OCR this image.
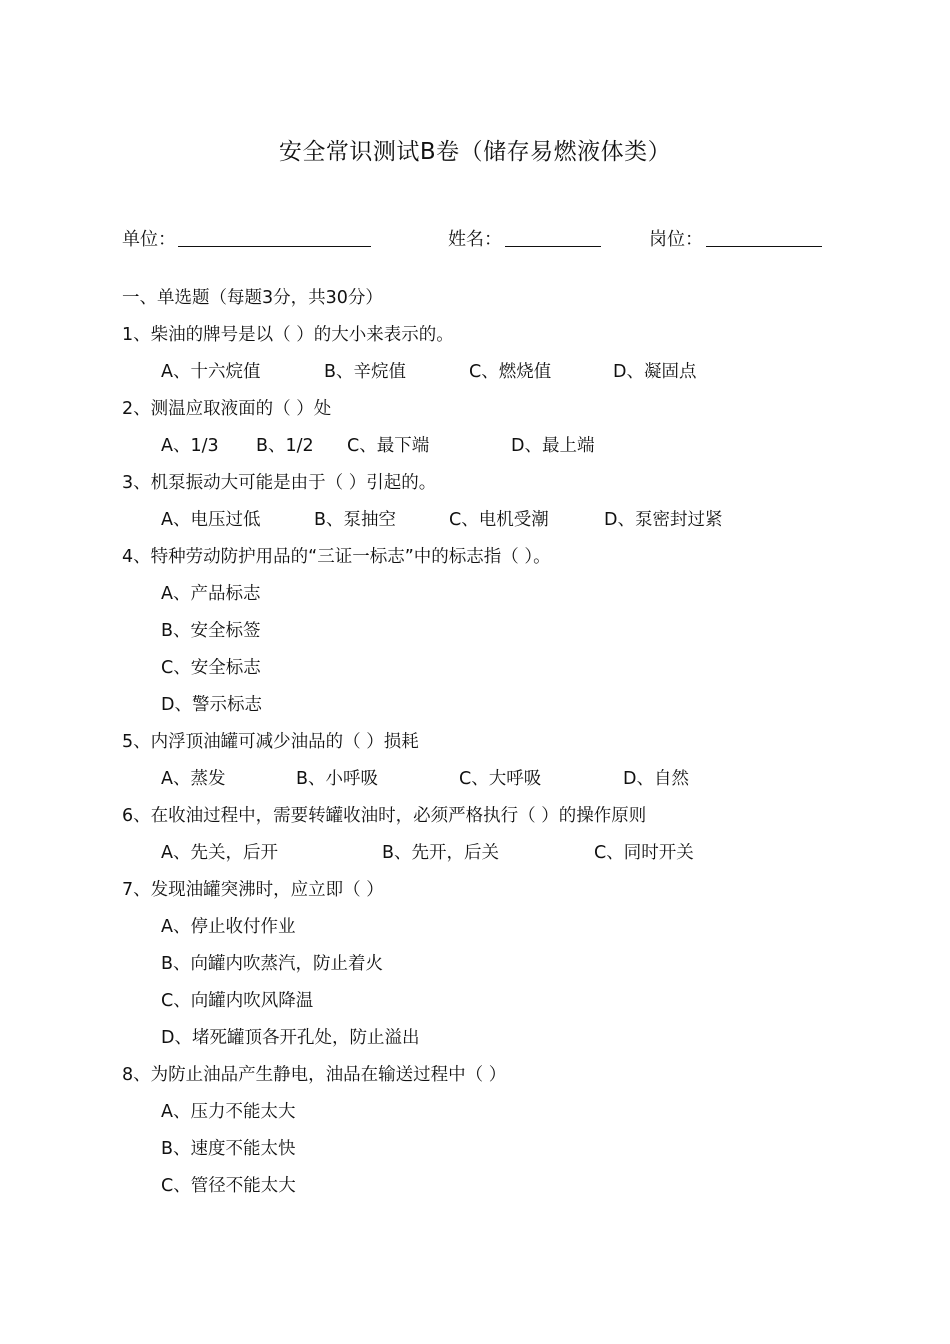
安全常识测试B卷（储存易燃液体类）
单位：	姓名：	岗位：
一、单选题（每题3分，共30分）
1、柴油的牌号是以（ ）的大小来表示的。
A、十六烷值	B、辛烷值	C、燃烧值	D、凝固点
2、测温应取液面的（ ）处
A、1/3 B、1/2 C、最下端	D、最上端
3、机泵振动大可能是由于（ ）引起的。
A、电压过低	B、泵抽空	C、电机受潮	D、泵密封过紧
4、特种劳动防护用品的“三证一标志”中的标志指（ ）。
A、产品标志
B、安全标签
C、安全标志
D、警示标志
5、内浮顶油罐可减少油品的（ ）损耗
A、蒸发	B、小呼吸	C、大呼吸	D、自然
6、在收油过程中，需要转罐收油时，必须严格执行（ ）的操作原则
A、先关，后开	B、先开，后关	C、同时开关
7、发现油罐突沸时，应立即（ ）
A、停止收付作业
B、向罐内吹蒸汽，防止着火
C、向罐内吹风降温
D、堵死罐顶各开孔处，防止溢出
8、为防止油品产生静电，油品在输送过程中（ ）
A、压力不能太大
B、速度不能太快
C、管径不能太大
